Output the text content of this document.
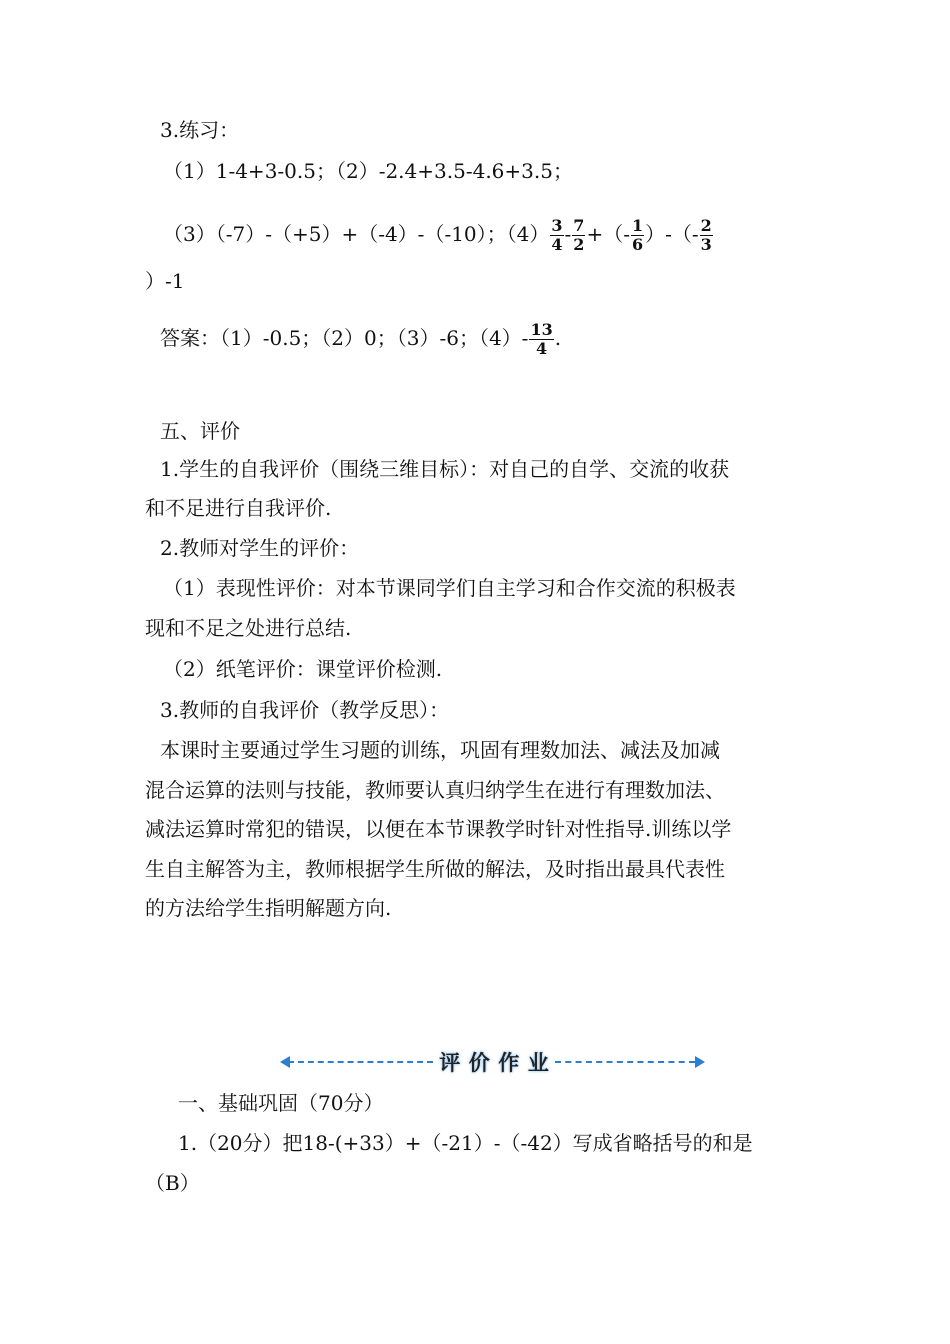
3.练习：
（1）1-4+3-0.5；（2）-2.4+3.5-4.6+3.5；
（3）（-7）-（+5）+（-4）-（-10）；$(4) \frac{3}{4} - \frac{7}{2}$ +（- $\frac{1}{6}$ ）-（- $\frac{2}{3}$
）-1
答案：（1）-0.5；（2）0；（3）-6；$(4)- \frac{13}{4}$ .
五、评价
1.学生的自我评价（围绕三维目标）：对自己的自学、交流的收获
和不足进行自我评价.
2.教师对学生的评价：
（1）表现性评价：对本节课同学们自主学习和合作交流的积极表
现和不足之处进行总结.
（2）纸笔评价：课堂评价检测.
3.教师的自我评价（教学反思）：
本课时主要通过学生习题的训练，巩固有理数加法、减法及加减
混合运算的法则与技能，教师要认真归纳学生在进行有理数加法、
减法运算时常犯的错误，以便在本节课教学时针对性指导.训练以学
生自主解答为主，教师根据学生所做的解法，及时指出最具代表性
的方法给学生指明解题方向.
评 价 作 业
一、基础巩固（70分）
1.（20分）把18-(+33）+（-21）-（-42）写成省略括号的和是
（B）
